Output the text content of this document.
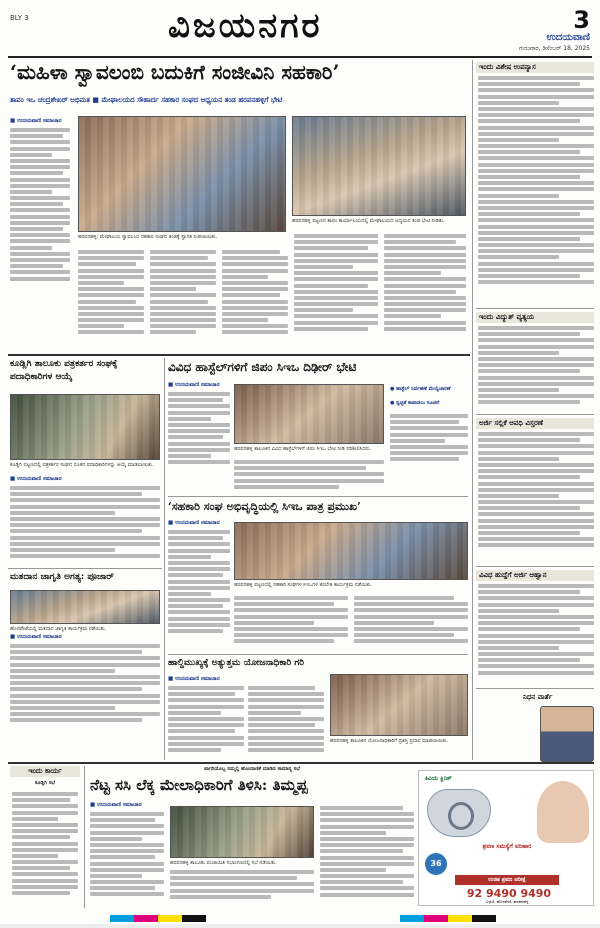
BLY 3	ವಿಜಯನಗರ	3
ಉದಯವಾಣಿ
ಗುರುವಾರ, ಡಿಸೆಂಬರ್ 18, 2025
‘ಮಹಿಳಾ ಸ್ವಾವಲಂಬಿ ಬದುಕಿಗೆ ಸಂಜೀವಿನಿ ಸಹಕಾರಿ’
ತಾಪಂ ಇಒ ಚಂದ್ರಶೇಖರ್‌ ಅಭಿಮತ ■ ಮೇಘಾಲಯದ ಸೌಹಾರ್ದ ಸಹಕಾರ ಸಂಘದ ಅಧ್ಯಯನ ತಂಡ ಹರಪನಹಳ್ಳಿಗೆ ಭೇಟಿ
■ ಉದಯವಾಣಿ ಸಮಾಚಾರ
ಹರಪನಹಳ್ಳಿ: ಮೇಘಾಲಯ ಸ್ವಾವಲಂಬಿ ಸಹಕಾರ ಸಂಘದ ತಂಡಕ್ಕೆ ಸ್ವಾಗತ ನೀಡಲಾಯಿತು.
ಹರಪನಹಳ್ಳಿ ಪಟ್ಟಣದ ತಾಪಂ ಕಾರ್ಯಾಲಯದಲ್ಲಿ ಮೇಘಾಲಯದ ಅಧ್ಯಯನ ತಂಡ ಭೇಟಿ ನೀಡಿತು.
ಇಂದು ವಿಶೇಷ ಉಪನ್ಯಾಸ
ಇಂದು ವಿದ್ಯುತ್‌ ವ್ಯತ್ಯಯ
ಅರ್ಜಿ ಸಲ್ಲಿಕೆ ಅವಧಿ ವಿಸ್ತರಣೆ
ವಿವಿಧ ಹುದ್ದೆಗೆ ಅರ್ಜಿ ಆಹ್ವಾನ
ನಿಧನ ವಾರ್ತೆ
ಕೂಡ್ಲಿಗಿ ತಾಲೂಕು ಪತ್ರಕರ್ತರ ಸಂಘಕ್ಕೆ ಪದಾಧಿಕಾರಿಗಳ ಆಯ್ಕೆ
ಕೂಡ್ಲಿಗಿ ಪಟ್ಟಣದಲ್ಲಿ ಪತ್ರಕರ್ತರ ಸಂಘದ ನೂತನ ಪದಾಧಿಕಾರಿಗಳನ್ನು ಆಯ್ಕೆ ಮಾಡಲಾಯಿತು.
■ ಉದಯವಾಣಿ ಸಮಾಚಾರ
ವಿವಿಧ ಹಾಸ್ಟೆಲ್‌ಗಳಿಗೆ ಜಿಪಂ ಸಿಇಒ ದಿಢೀರ್‌ ಭೇಟಿ
■ ಉದಯವಾಣಿ ಸಮಾಚಾರ
ಹರಪನಹಳ್ಳಿ ತಾಲೂಕಿನ ವಿವಿಧ ಹಾಸ್ಟೆಲ್‌ಗಳಿಗೆ ಜಿಪಂ ಸಿಇಒ ಭೇಟಿ ನೀಡಿ ಪರಿಶೀಲಿಸಿದರು.
● ಹಾಸ್ಟೆಲ್‌ ನಿರ್ವಹಣೆ ಮೇಲ್ವಿಚಾರಣೆ
● ಸ್ವಚ್ಛತೆ ಕಾಪಾಡಲು ಸೂಚನೆ
‘ಸಹಕಾರಿ ಸಂಘ ಅಭಿವೃದ್ಧಿಯಲ್ಲಿ ಸಿಇಒ ಪಾತ್ರ ಪ್ರಮುಖ’
■ ಉದಯವಾಣಿ ಸಮಾಚಾರ
ಹರಪನಹಳ್ಳಿ ಪಟ್ಟಣದಲ್ಲಿ ಸಹಕಾರಿ ಸಂಘಗಳ ಸಿಇಒಗಳ ತರಬೇತಿ ಕಾರ್ಯಕ್ರಮ ನಡೆಯಿತು.
ಮತದಾನ ಜಾಗೃತಿ ಅಗತ್ಯ: ಪೂಜಾರ್‌
ಹೊಸಪೇಟೆಯಲ್ಲಿ ಮತದಾನ ಜಾಗೃತಿ ಕಾರ್ಯಕ್ರಮ ನಡೆಯಿತು.
■ ಉದಯವಾಣಿ ಸಮಾಚಾರ
ಹಾಲ್ದಿಮುಖ್ಯಕ್ಕೆ ಅತ್ಯುತ್ತಮ ಯೋಜನಾಧಿಕಾರಿ ಗರಿ
■ ಉದಯವಾಣಿ ಸಮಾಚಾರ
ಹರಪನಹಳ್ಳಿ ತಾಲೂಕಿನ ಯೋಜನಾಧಿಕಾರಿಗೆ ಪ್ರಶಸ್ತಿ ಪ್ರದಾನ ಮಾಡಲಾಯಿತು.
ಇಂದು ಕಾರ್ಯ
ಕೂಡ್ಲಿಗಿ ಸಭೆ
ಪಾಗರಿಯೊಬ್ಬ ನಮ್ಮಲ್ಲಿ ಹೊಂದಾಣಿಕೆ ಮಾಡಿದ ಸಾಮಾನ್ಯ ಸಭೆ
ನೆಟ್ಟ ಸಸಿ ಲೆಕ್ಕ ಮೇಲಾಧಿಕಾರಿಗೆ ತಿಳಿಸಿ: ತಿಮ್ಮಪ್ಪ
■ ಉದಯವಾಣಿ ಸಮಾಚಾರ
ಹರಪನಹಳ್ಳಿ ತಾಲೂಕು ಪಂಚಾಯಿತಿ ಸಭಾಂಗಣದಲ್ಲಿ ಸಭೆ ನಡೆಯಿತು.
ಕಿವಿಯ ಕ್ಲಿನಿಕ್‌
ಶ್ರವಣ ಸಮಸ್ಯೆಗೆ ಪರಿಹಾರ
36
ಉಚಿತ ಶ್ರವಣ ಪರೀಕ್ಷೆ
92 9490 9490
ಬಳ್ಳಾರಿ, ಹೊಸಪೇಟೆ, ಹರಪನಹಳ್ಳಿ
